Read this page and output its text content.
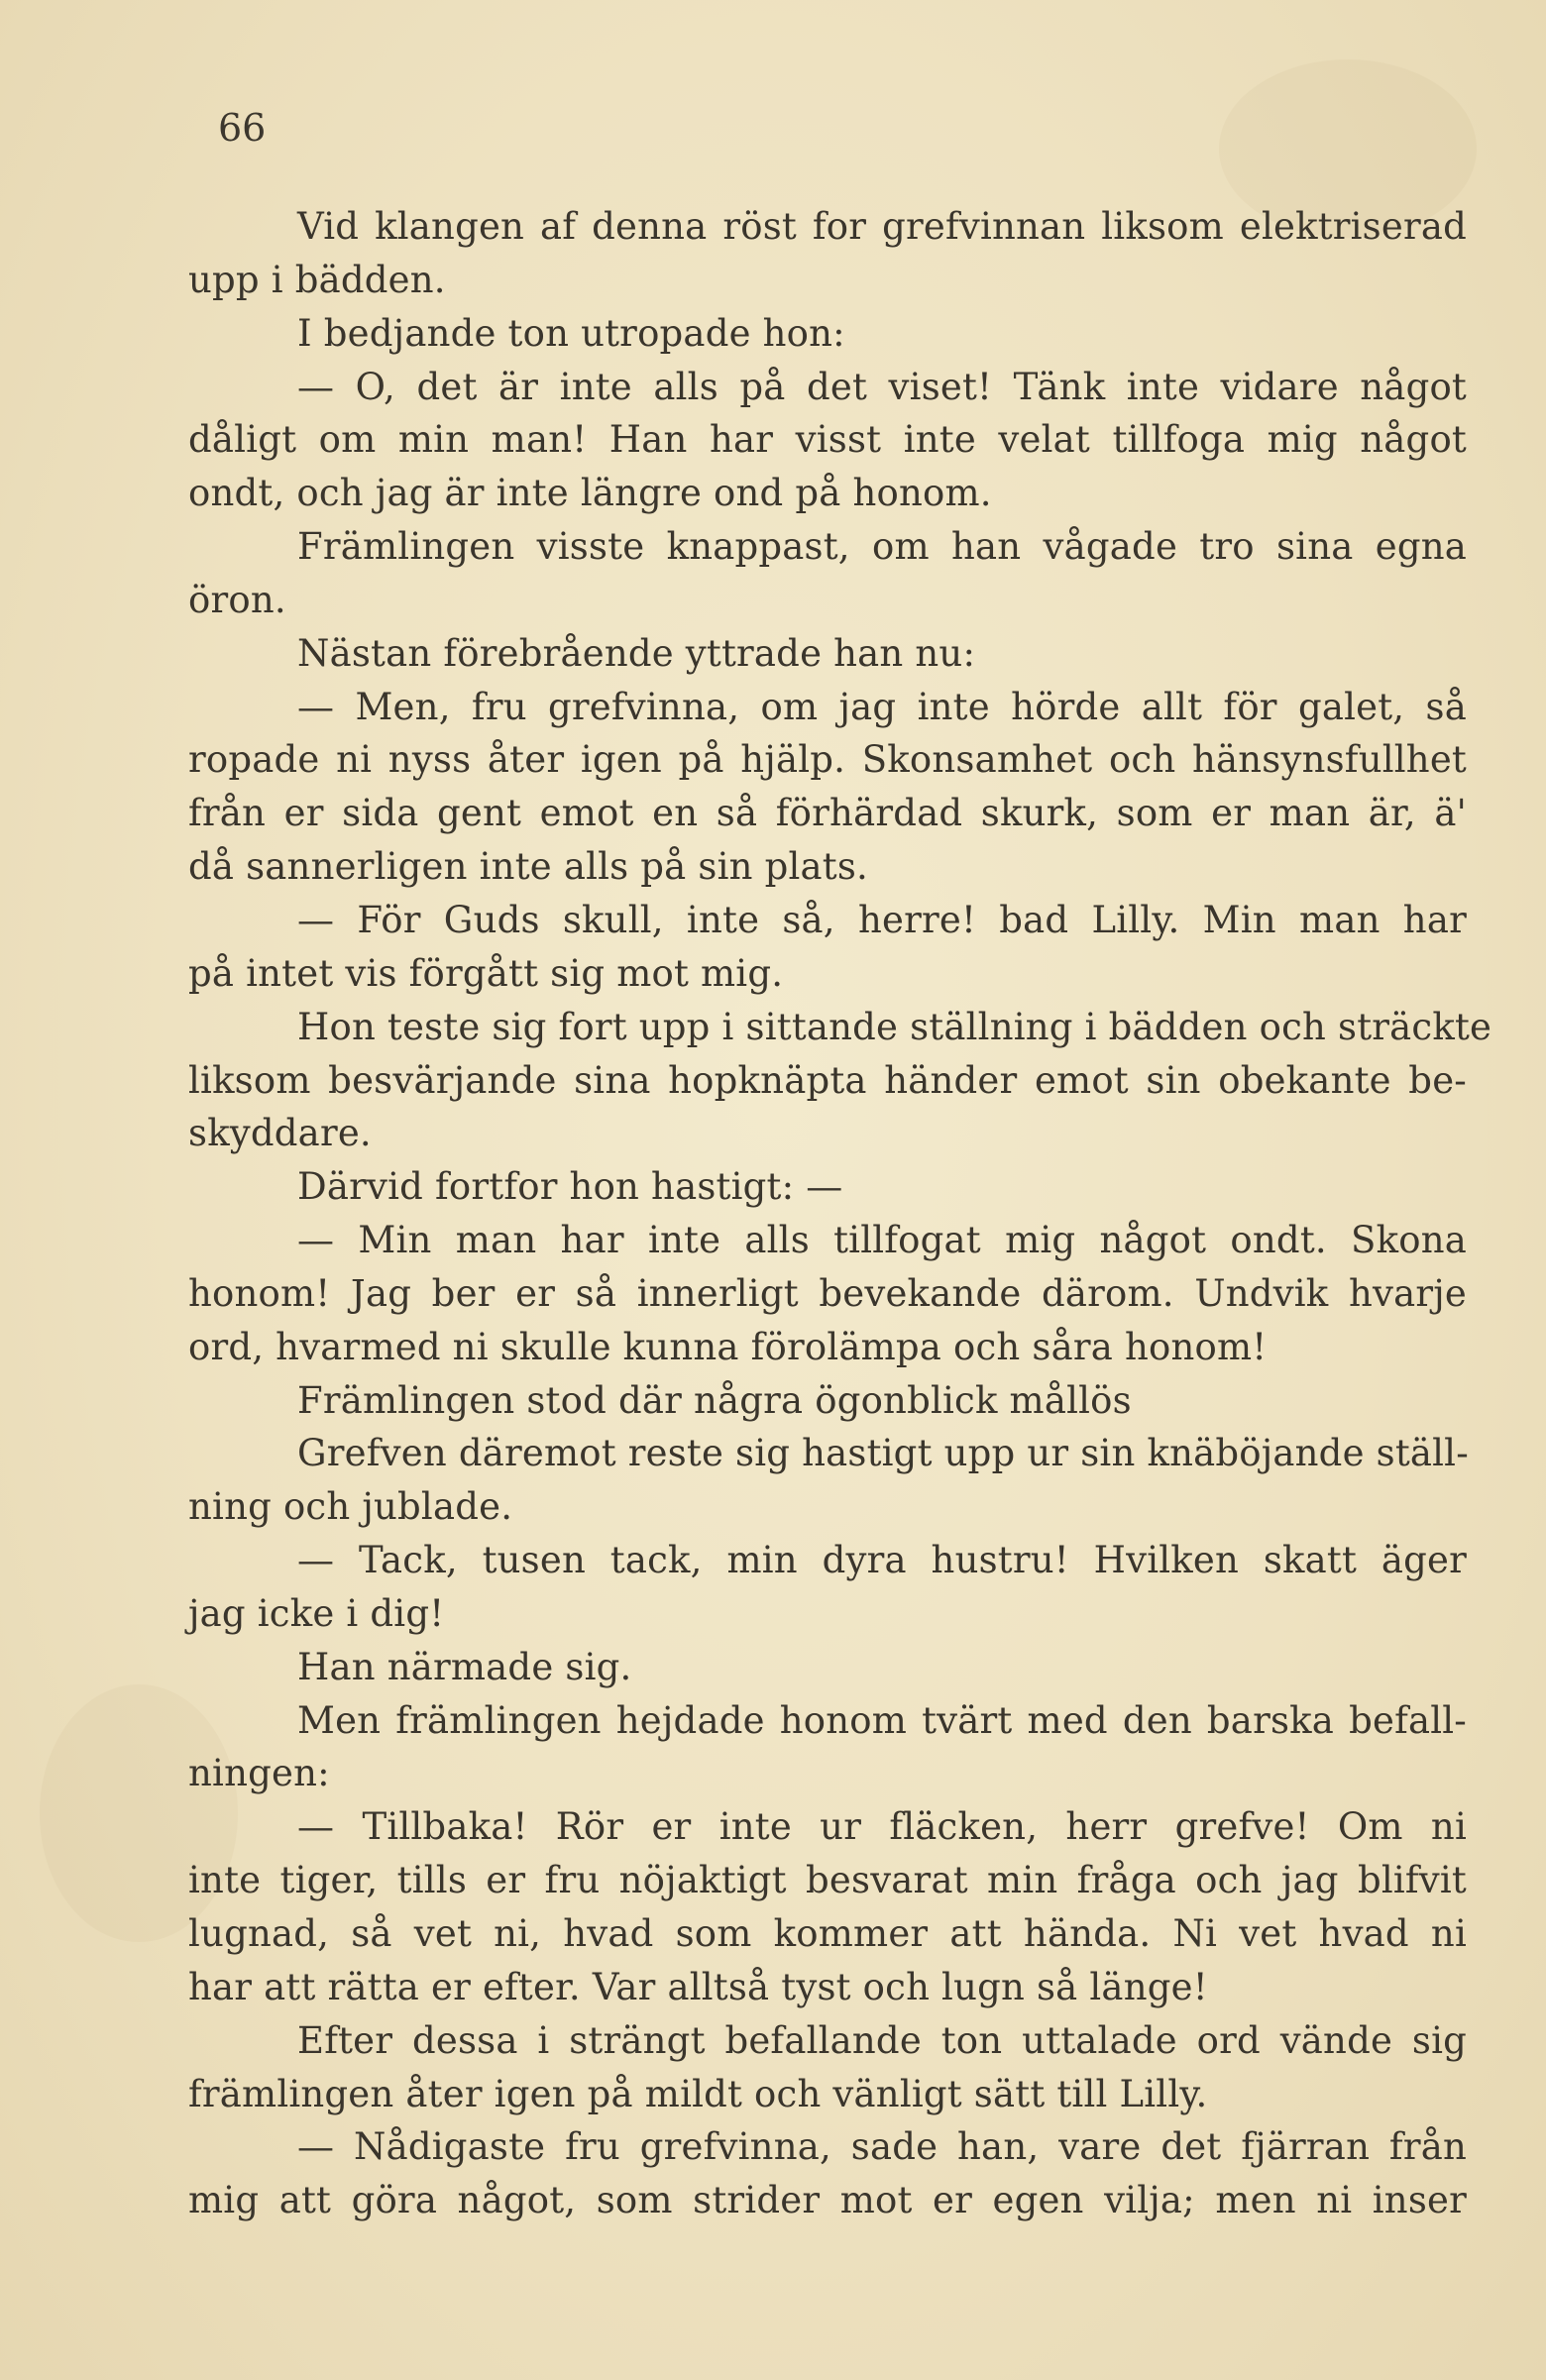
66
Vid klangen af denna röst for grefvinnan liksom elektriserad
upp i bädden.
I bedjande ton utropade hon:
— O, det är inte alls på det viset! Tänk inte vidare något
dåligt om min man! Han har visst inte velat tillfoga mig något
ondt, och jag är inte längre ond på honom.
Främlingen visste knappast, om han vågade tro sina egna
öron.
Nästan förebrående yttrade han nu:
— Men, fru grefvinna, om jag inte hörde allt för galet, så
ropade ni nyss åter igen på hjälp. Skonsamhet och hänsynsfullhet
från er sida gent emot en så förhärdad skurk, som er man är, ä'
då sannerligen inte alls på sin plats.
— För Guds skull, inte så, herre! bad Lilly. Min man har
på intet vis förgått sig mot mig.
Hon teste sig fort upp i sittande ställning i bädden och sträckte
liksom besvärjande sina hopknäpta händer emot sin obekante be-
skyddare.
Därvid fortfor hon hastigt: —
— Min man har inte alls tillfogat mig något ondt. Skona
honom! Jag ber er så innerligt bevekande därom. Undvik hvarje
ord, hvarmed ni skulle kunna förolämpa och såra honom!
Främlingen stod där några ögonblick mållös
Grefven däremot reste sig hastigt upp ur sin knäböjande ställ-
ning och jublade.
— Tack, tusen tack, min dyra hustru! Hvilken skatt äger
jag icke i dig!
Han närmade sig.
Men främlingen hejdade honom tvärt med den barska befall-
ningen:
— Tillbaka! Rör er inte ur fläcken, herr grefve! Om ni
inte tiger, tills er fru nöjaktigt besvarat min fråga och jag blifvit
lugnad, så vet ni, hvad som kommer att hända. Ni vet hvad ni
har att rätta er efter. Var alltså tyst och lugn så länge!
Efter dessa i strängt befallande ton uttalade ord vände sig
främlingen åter igen på mildt och vänligt sätt till Lilly.
— Nådigaste fru grefvinna, sade han, vare det fjärran från
mig att göra något, som strider mot er egen vilja; men ni inser
